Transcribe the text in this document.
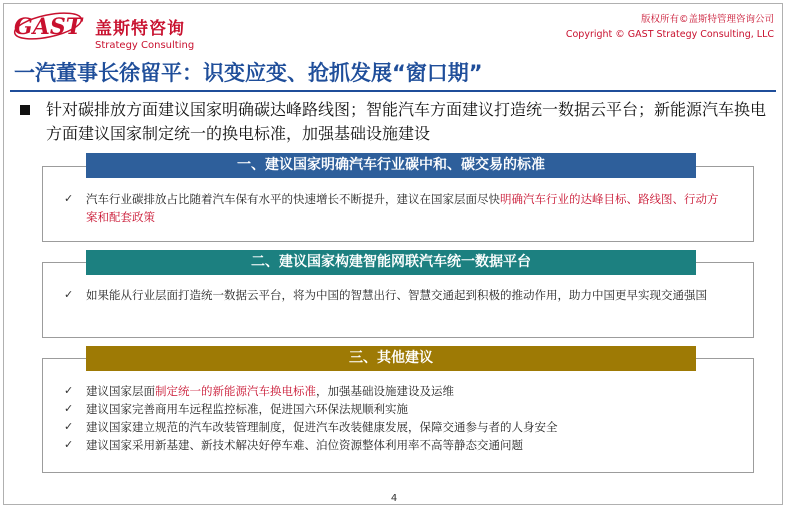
GAST 盖斯特咨询
Strategy Consulting
版权所有©盖斯特管理咨询公司
Copyright © GAST Strategy Consulting, LLC
一汽董事长徐留平：识变应变、抢抓发展“窗口期”
针对碳排放方面建议国家明确碳达峰路线图；智能汽车方面建议打造统一数据云平台；新能源汽车换电方面建议国家制定统一的换电标准，加强基础设施建设
一、建议国家明确汽车行业碳中和、碳交易的标准
✓ 汽车行业碳排放占比随着汽车保有水平的快速增长不断提升，建议在国家层面尽快明确汽车行业的达峰目标、路线图、行动方案和配套政策
二、建议国家构建智能网联汽车统一数据平台
✓ 如果能从行业层面打造统一数据云平台，将为中国的智慧出行、智慧交通起到积极的推动作用，助力中国更早实现交通强国
三、其他建议
✓ 建议国家层面制定统一的新能源汽车换电标准，加强基础设施建设及运维
✓ 建议国家完善商用车远程监控标准，促进国六环保法规顺利实施
✓ 建议国家建立规范的汽车改装管理制度，促进汽车改装健康发展，保障交通参与者的人身安全
✓ 建议国家采用新基建、新技术解决好停车难、泊位资源整体利用率不高等静态交通问题
4
